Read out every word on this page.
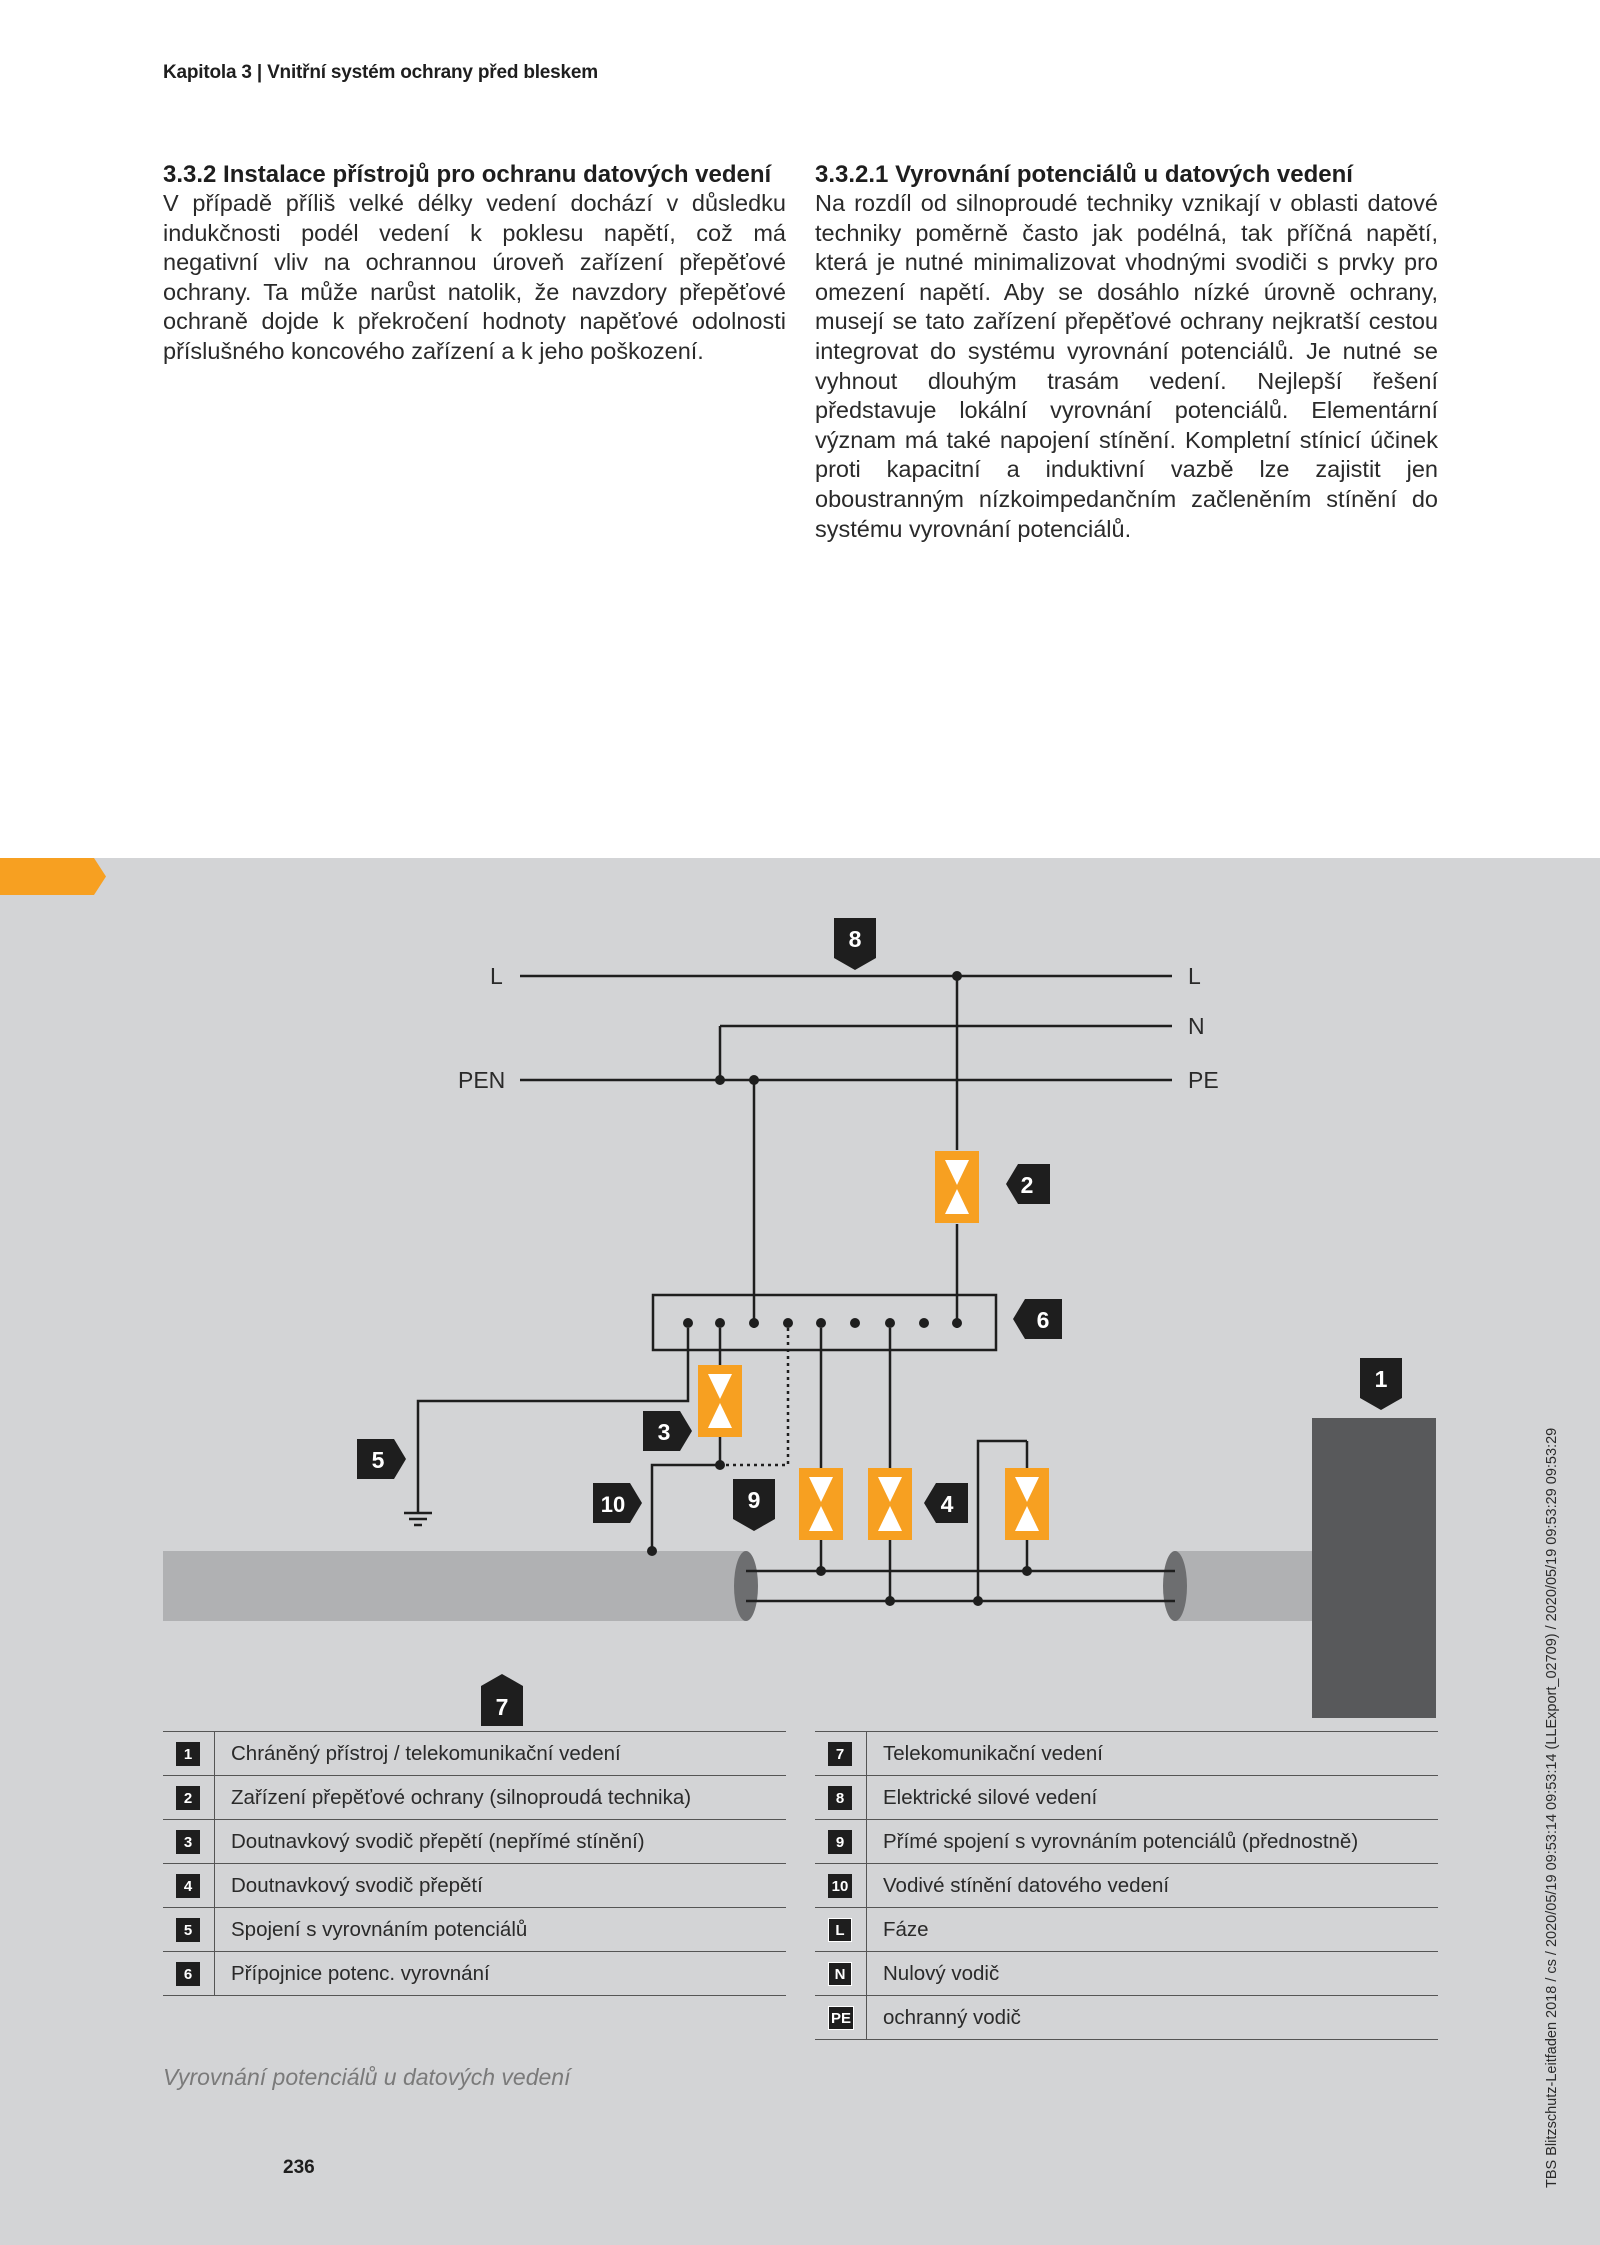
Kapitola 3 | Vnitřní systém ochrany před bleskem
3.3.2 Instalace přístrojů pro ochranu datových vedení

V případě příliš velké délky vedení dochází v důsledku indukčnosti podél vedení k poklesu napětí, což má negativní vliv na ochrannou úroveň zařízení přepěťové ochrany. Ta může narůst natolik, že navzdory přepěťové ochraně dojde k překročení hodnoty napěťové odolnosti příslušného koncového zařízení a k jeho poškození.

3.3.2.1 Vyrovnání potenciálů u datových vedení

Na rozdíl od silnoproudé techniky vznikají v oblasti datové techniky poměrně často jak podélná, tak příčná napětí, která je nutné minimalizovat vhodnými svodiči s prvky pro omezení napětí. Aby se dosáhlo nízké úrovně ochrany, musejí se tato zařízení přepěťové ochrany nejkratší cestou integrovat do systému vyrovnání potenciálů. Je nutné se vyhnout dlouhým trasám vedení. Nejlepší řešení představuje lokální vyrovnání potenciálů. Elementární význam má také napojení stínění. Kompletní stínicí účinek proti kapacitní a induktivní vazbě lze zajistit jen oboustranným nízkoimpedančním začleněním stínění do systému vyrovnání potenciálů.

L
PEN
L
N
PE
8
2
6
1
3
5
10	9	4
7
1	Chráněný přístroj / telekomunikační vedení
2	Zařízení přepěťové ochrany (silnoproudá technika)
3	Doutnavkový svodič přepětí (nepřímé stínění)
4	Doutnavkový svodič přepětí
5	Spojení s vyrovnáním potenciálů
6	Přípojnice potenc. vyrovnání
7	Telekomunikační vedení
8	Elektrické silové vedení
9	Přímé spojení s vyrovnáním potenciálů (přednostně)
10 Vodivé stínění datového vedení
L	Fáze
N	Nulový vodič
PE ochranný vodič
Vyrovnání potenciálů u datových vedení
236	TBS Blitzschutz-Leitfaden 2018 / cs / 2020/05/19 09:53:14 09:53:14 (LLExport_02709) / 2020/05/19 09:53:29 09:53:29
